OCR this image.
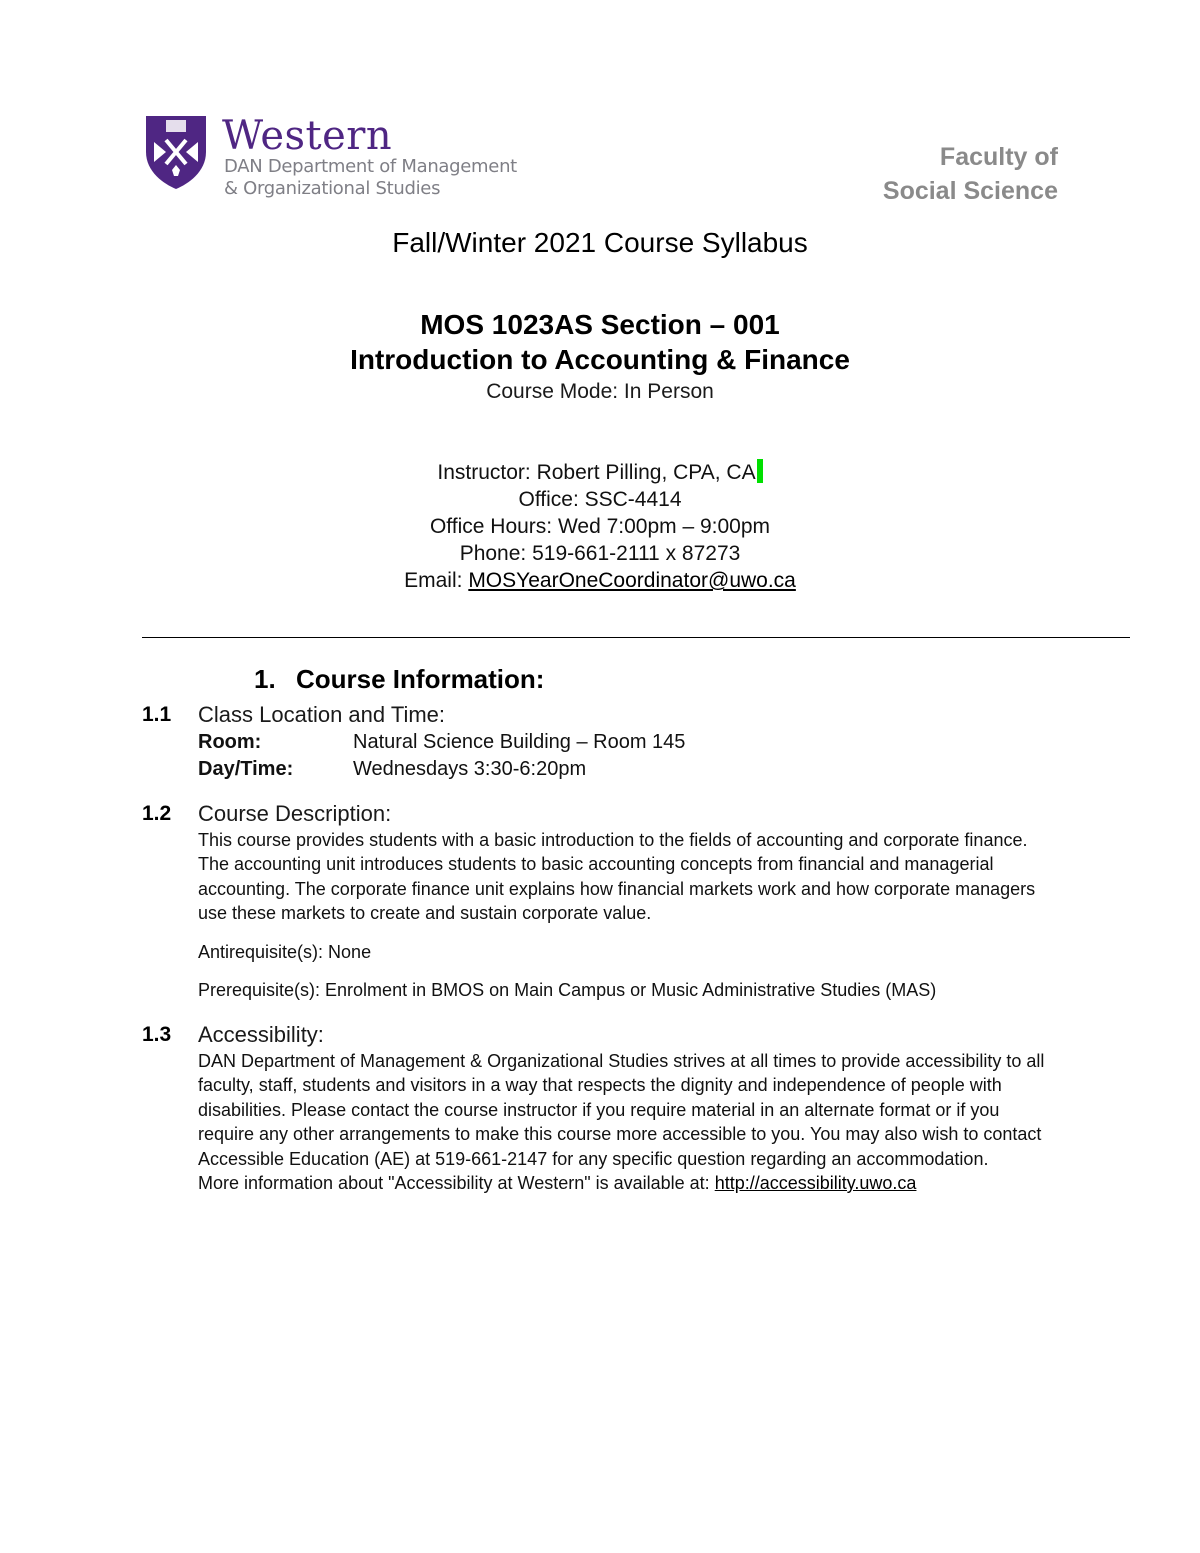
Western
DAN Department of Management
& Organizational Studies
Faculty of
Social Science
Fall/Winter 2021 Course Syllabus
MOS 1023AS Section – 001
Introduction to Accounting & Finance
Course Mode: In Person
Instructor: Robert Pilling, CPA, CA
Office: SSC-4414
Office Hours: Wed 7:00pm – 9:00pm
Phone: 519-661-2111 x 87273
Email: MOSYearOneCoordinator@uwo.ca
1. Course Information:
1.1 Class Location and Time:
Room:	Natural Science Building – Room 145
Day/Time:	Wednesdays 3:30-6:20pm
1.2 Course Description:

This course provides students with a basic introduction to the fields of accounting and corporate finance. The accounting unit introduces students to basic accounting concepts from financial and managerial accounting. The corporate finance unit explains how financial markets work and how corporate managers use these markets to create and sustain corporate value.

Antirequisite(s): None

Prerequisite(s): Enrolment in BMOS on Main Campus or Music Administrative Studies (MAS)

1.3 Accessibility:

DAN Department of Management & Organizational Studies strives at all times to provide accessibility to all faculty, staff, students and visitors in a way that respects the dignity and independence of people with disabilities. Please contact the course instructor if you require material in an alternate format or if you require any other arrangements to make this course more accessible to you. You may also wish to contact Accessible Education (AE) at 519-661-2147 for any specific question regarding an accommodation.

More information about "Accessibility at Western" is available at: http://accessibility.uwo.ca
